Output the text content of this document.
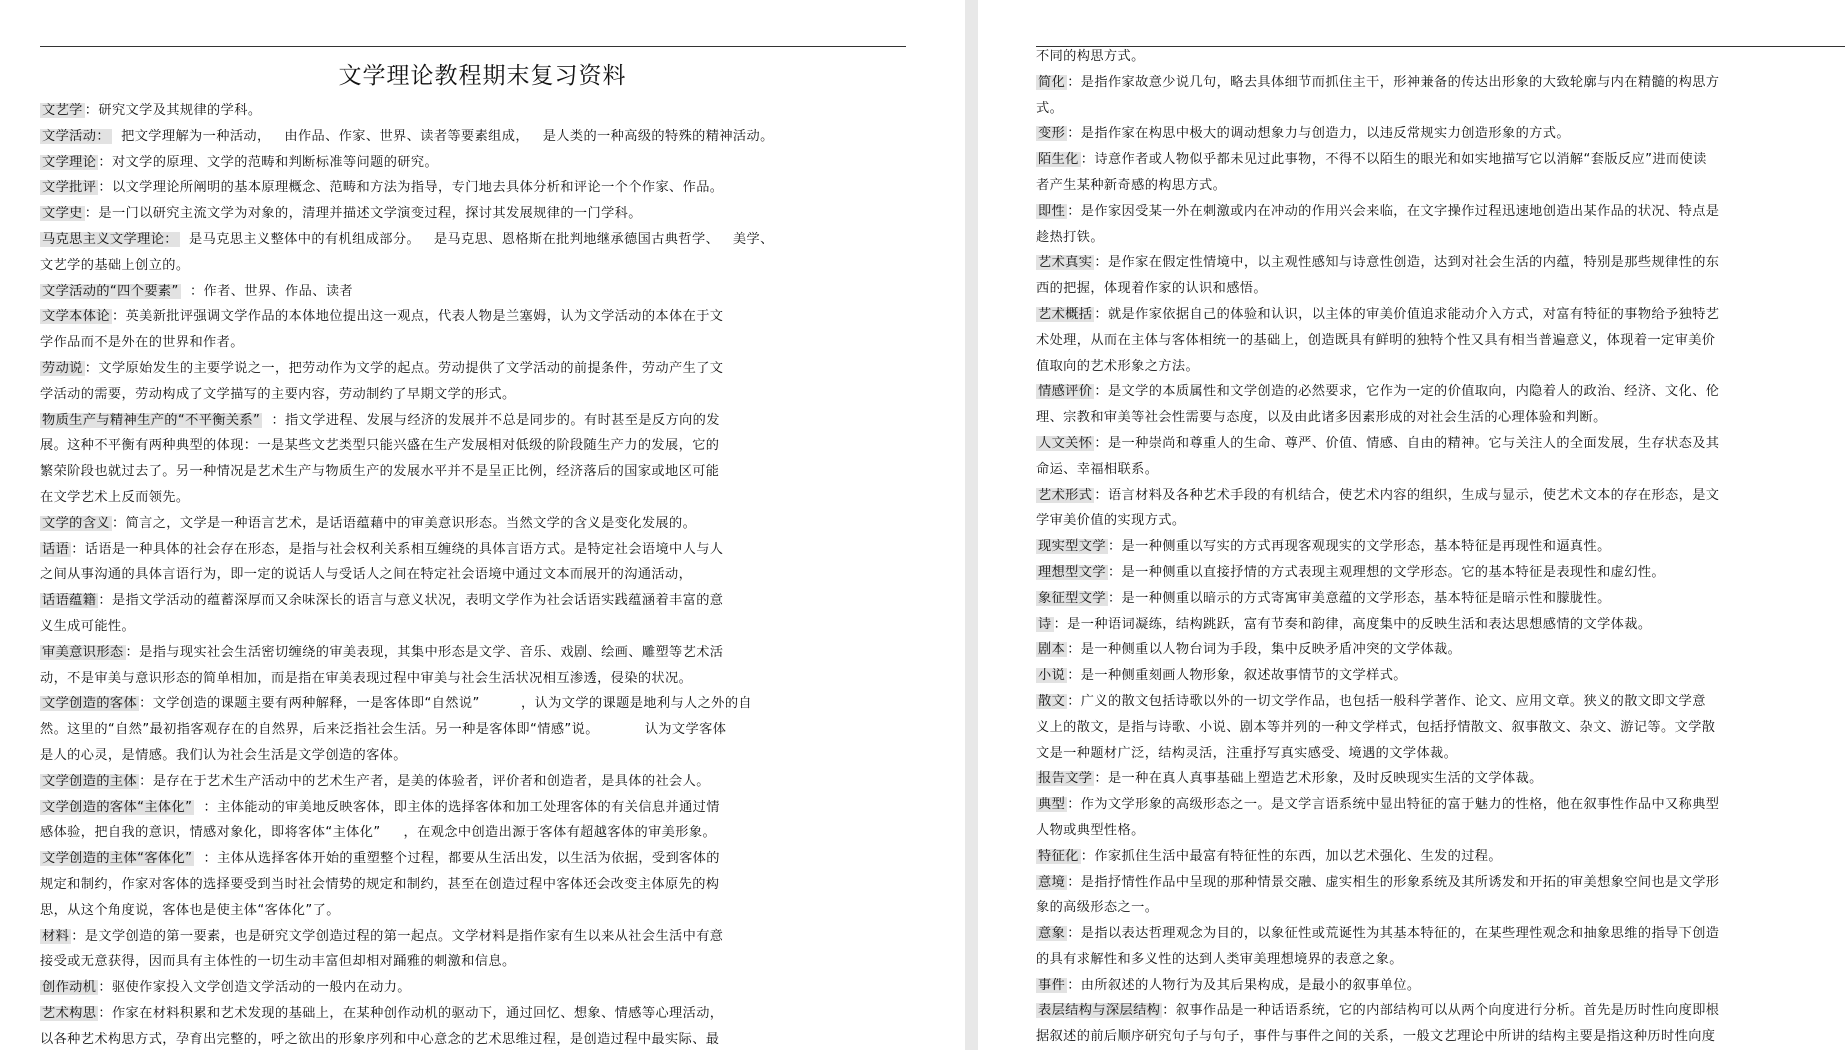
文学理论教程期末复习资料

文艺学 ：研究文学及其规律的学科。

文学活动：  把文学理解为一种活动，   由作品、作家、世界、读者等要素组成，   是人类的一种高级的特殊的精神活动。

文学理论 ：对文学的原理、文学的范畴和判断标准等问题的研究。

文学批评 ：以文学理论所阐明的基本原理概念、范畴和方法为指导，专门地去具体分析和评论一个个作家、作品。

文学史 ：是一门以研究主流文学为对象的，清理并描述文学演变过程，探讨其发展规律的一门学科。

马克思主义文学理论：  是马克思主义整体中的有机组成部分。   是马克思、恩格斯在批判地继承德国古典哲学、   美学、

文艺学的基础上创立的。

文学活动的“四个要素”  ：作者、世界、作品、读者

文学本体论 ：英美新批评强调文学作品的本体地位提出这一观点，代表人物是兰塞姆，认为文学活动的本体在于文

学作品而不是外在的世界和作者。

劳动说 ：文学原始发生的主要学说之一，把劳动作为文学的起点。劳动提供了文学活动的前提条件，劳动产生了文

学活动的需要，劳动构成了文学描写的主要内容，劳动制约了早期文学的形式。

物质生产与精神生产的“不平衡关系”  ：指文学进程、发展与经济的发展并不总是同步的。有时甚至是反方向的发

展。这种不平衡有两种典型的体现：一是某些文艺类型只能兴盛在生产发展相对低级的阶段随生产力的发展，它的

繁荣阶段也就过去了。另一种情况是艺术生产与物质生产的发展水平并不是呈正比例，经济落后的国家或地区可能

在文学艺术上反而领先。

文学的含义 ：简言之，文学是一种语言艺术，是话语蕴藉中的审美意识形态。当然文学的含义是变化发展的。

话语 ：话语是一种具体的社会存在形态，是指与社会权利关系相互缠绕的具体言语方式。是特定社会语境中人与人

之间从事沟通的具体言语行为，即一定的说话人与受话人之间在特定社会语境中通过文本而展开的沟通活动，

话语蕴籍 ：是指文学活动的蕴蓄深厚而又余味深长的语言与意义状况，表明文学作为社会话语实践蕴涵着丰富的意

义生成可能性。

审美意识形态 ：是指与现实社会生活密切缠绕的审美表现，其集中形态是文学、音乐、戏剧、绘画、雕塑等艺术活

动，不是审美与意识形态的简单相加，而是指在审美表现过程中审美与社会生活状况相互渗透，侵染的状况。

文学创造的客体 ：文学创造的课题主要有两种解释，一是客体即“自然说”         ，认为文学的课题是地利与人之外的自

然。这里的“自然”最初指客观存在的自然界，后来泛指社会生活。另一种是客体即“情感”说。          认为文学客体

是人的心灵，是情感。我们认为社会生活是文学创造的客体。

文学创造的主体 ：是存在于艺术生产活动中的艺术生产者，是美的体验者，评价者和创造者，是具体的社会人。

文学创造的客体“主体化”  ：主体能动的审美地反映客体，即主体的选择客体和加工处理客体的有关信息并通过情

感体验，把自我的意识，情感对象化，即将客体“主体化”     ，在观念中创造出源于客体有超越客体的审美形象。

文学创造的主体“客体化”  ：主体从选择客体开始的重塑整个过程，都要从生活出发，以生活为依据，受到客体的

规定和制约，作家对客体的选择要受到当时社会情势的规定和制约，甚至在创造过程中客体还会改变主体原先的构

思，从这个角度说，客体也是使主体“客体化”了。

材料 ：是文学创造的第一要素，也是研究文学创造过程的第一起点。文学材料是指作家有生以来从社会生活中有意

接受或无意获得，因而具有主体性的一切生动丰富但却相对踊雅的刺激和信息。

创作动机 ：驱使作家投入文学创造文学活动的一般内在动力。

艺术构思 ：作家在材料积累和艺术发现的基础上，在某种创作动机的驱动下，通过回忆、想象、情感等心理活动，

以各种艺术构思方式，孕育出完整的，呼之欲出的形象序列和中心意念的艺术思维过程，是创造过程中最实际、最

不同的构思方式。

简化 ：是指作家故意少说几句，略去具体细节而抓住主干，形神兼备的传达出形象的大致轮廓与内在精髓的构思方

式。

变形 ：是指作家在构思中极大的调动想象力与创造力，以违反常规实力创造形象的方式。

陌生化 ：诗意作者或人物似乎都未见过此事物，不得不以陌生的眼光和如实地描写它以消解“套版反应”进而使读

者产生某种新奇感的构思方式。

即性 ：是作家因受某一外在刺激或内在冲动的作用兴会来临，在文字操作过程迅速地创造出某作品的状况、特点是

趁热打铁。

艺术真实 ：是作家在假定性情境中，以主观性感知与诗意性创造，达到对社会生活的内蕴，特别是那些规律性的东

西的把握，体现着作家的认识和感悟。

艺术概括 ：就是作家依据自己的体验和认识，以主体的审美价值追求能动介入方式，对富有特征的事物给予独特艺

术处理，从而在主体与客体相统一的基础上，创造既具有鲜明的独特个性又具有相当普遍意义，体现着一定审美价

值取向的艺术形象之方法。

情感评价 ：是文学的本质属性和文学创造的必然要求，它作为一定的价值取向，内隐着人的政治、经济、文化、伦

理、宗教和审美等社会性需要与态度，以及由此诸多因素形成的对社会生活的心理体验和判断。

人文关怀 ：是一种崇尚和尊重人的生命、尊严、价值、情感、自由的精神。它与关注人的全面发展，生存状态及其

命运、幸福相联系。

艺术形式 ：语言材料及各种艺术手段的有机结合，使艺术内容的组织，生成与显示，使艺术文本的存在形态，是文

学审美价值的实现方式。

现实型文学 ：是一种侧重以写实的方式再现客观现实的文学形态，基本特征是再现性和逼真性。

理想型文学 ：是一种侧重以直接抒情的方式表现主观理想的文学形态。它的基本特征是表现性和虚幻性。

象征型文学 ：是一种侧重以暗示的方式寄寓审美意蕴的文学形态，基本特征是暗示性和朦胧性。

诗 ：是一种语词凝练，结构跳跃，富有节奏和韵律，高度集中的反映生活和表达思想感情的文学体裁。

剧本 ：是一种侧重以人物台词为手段，集中反映矛盾冲突的文学体裁。

小说 ：是一种侧重刻画人物形象，叙述故事情节的文学样式。

散文 ：广义的散文包括诗歌以外的一切文学作品，也包括一般科学著作、论文、应用文章。狭义的散文即文学意

义上的散文，是指与诗歌、小说、剧本等并列的一种文学样式，包括抒情散文、叙事散文、杂文、游记等。文学散

文是一种题材广泛，结构灵活，注重抒写真实感受、境遇的文学体裁。

报告文学 ：是一种在真人真事基础上塑造艺术形象，及时反映现实生活的文学体裁。

典型 ：作为文学形象的高级形态之一。是文学言语系统中显出特征的富于魅力的性格，他在叙事性作品中又称典型

人物或典型性格。

特征化 ：作家抓住生活中最富有特征性的东西，加以艺术强化、生发的过程。

意境 ：是指抒情性作品中呈现的那种情景交融、虚实相生的形象系统及其所诱发和开拓的审美想象空间也是文学形

象的高级形态之一。

意象 ：是指以表达哲理观念为目的，以象征性或荒诞性为其基本特征的，在某些理性观念和抽象思维的指导下创造

的具有求解性和多义性的达到人类审美理想境界的表意之象。

事件 ：由所叙述的人物行为及其后果构成，是最小的叙事单位。

表层结构与深层结构 ：叙事作品是一种话语系统，它的内部结构可以从两个向度进行分析。首先是历时性向度即根

据叙述的前后顺序研究句子与句子，事件与事件之间的关系，一般文艺理论中所讲的结构主要是指这种历时性向度
